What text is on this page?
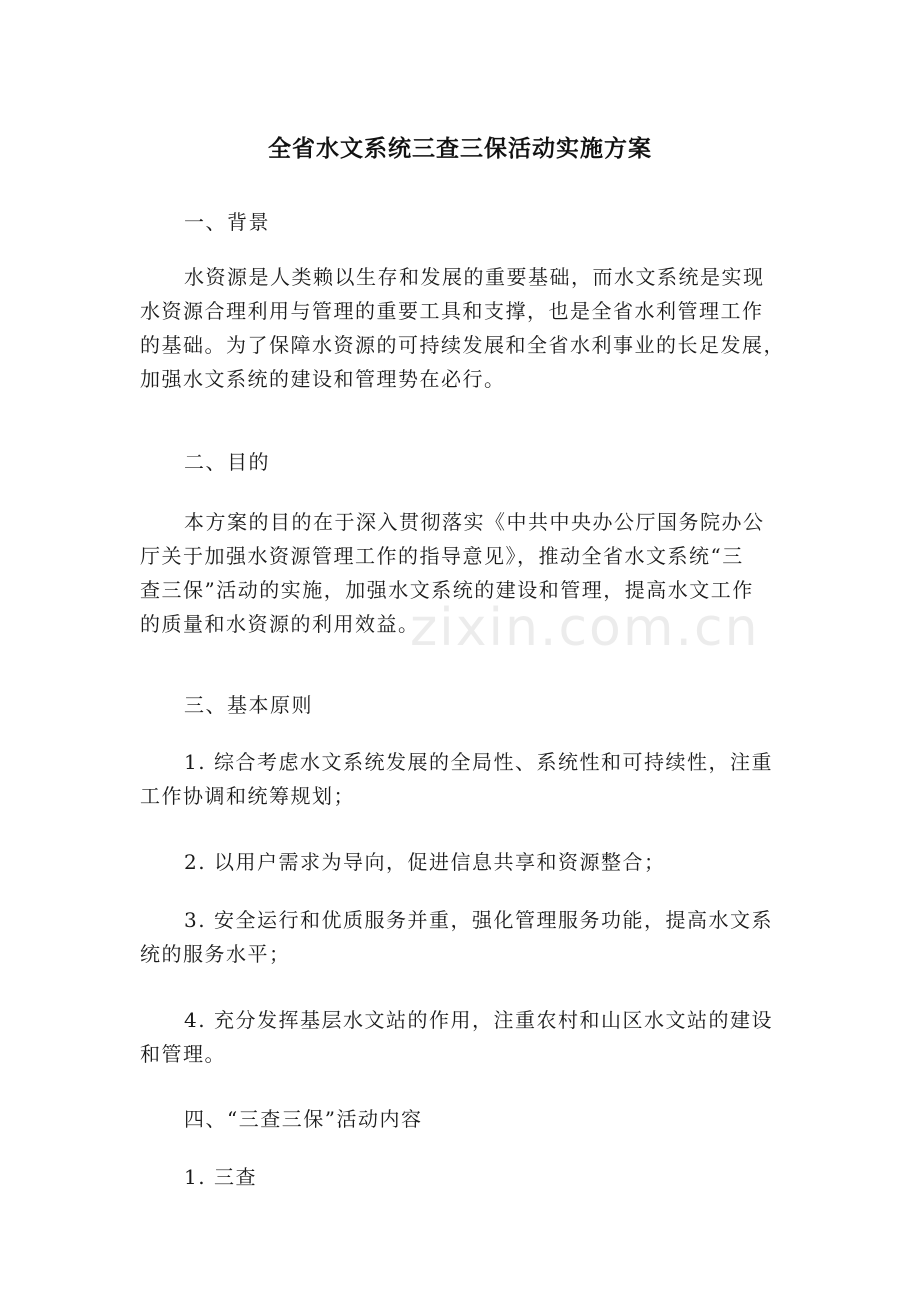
全省水文系统三查三保活动实施方案
一、背景
水资源是人类赖以生存和发展的重要基础，而水文系统是实现
水资源合理利用与管理的重要工具和支撑，也是全省水利管理工作
的基础。为了保障水资源的可持续发展和全省水利事业的长足发展，
加强水文系统的建设和管理势在必行。
二、目的
本方案的目的在于深入贯彻落实《中共中央办公厅国务院办公
厅关于加强水资源管理工作的指导意见》，推动全省水文系统“三
查三保”活动的实施，加强水文系统的建设和管理，提高水文工作
的质量和水资源的利用效益。
三、基本原则
1. 综合考虑水文系统发展的全局性、系统性和可持续性，注重
工作协调和统筹规划；
2. 以用户需求为导向，促进信息共享和资源整合；
3. 安全运行和优质服务并重，强化管理服务功能，提高水文系
统的服务水平；
4. 充分发挥基层水文站的作用，注重农村和山区水文站的建设
和管理。
四、“三查三保”活动内容
1. 三查
zixin.com.cn
